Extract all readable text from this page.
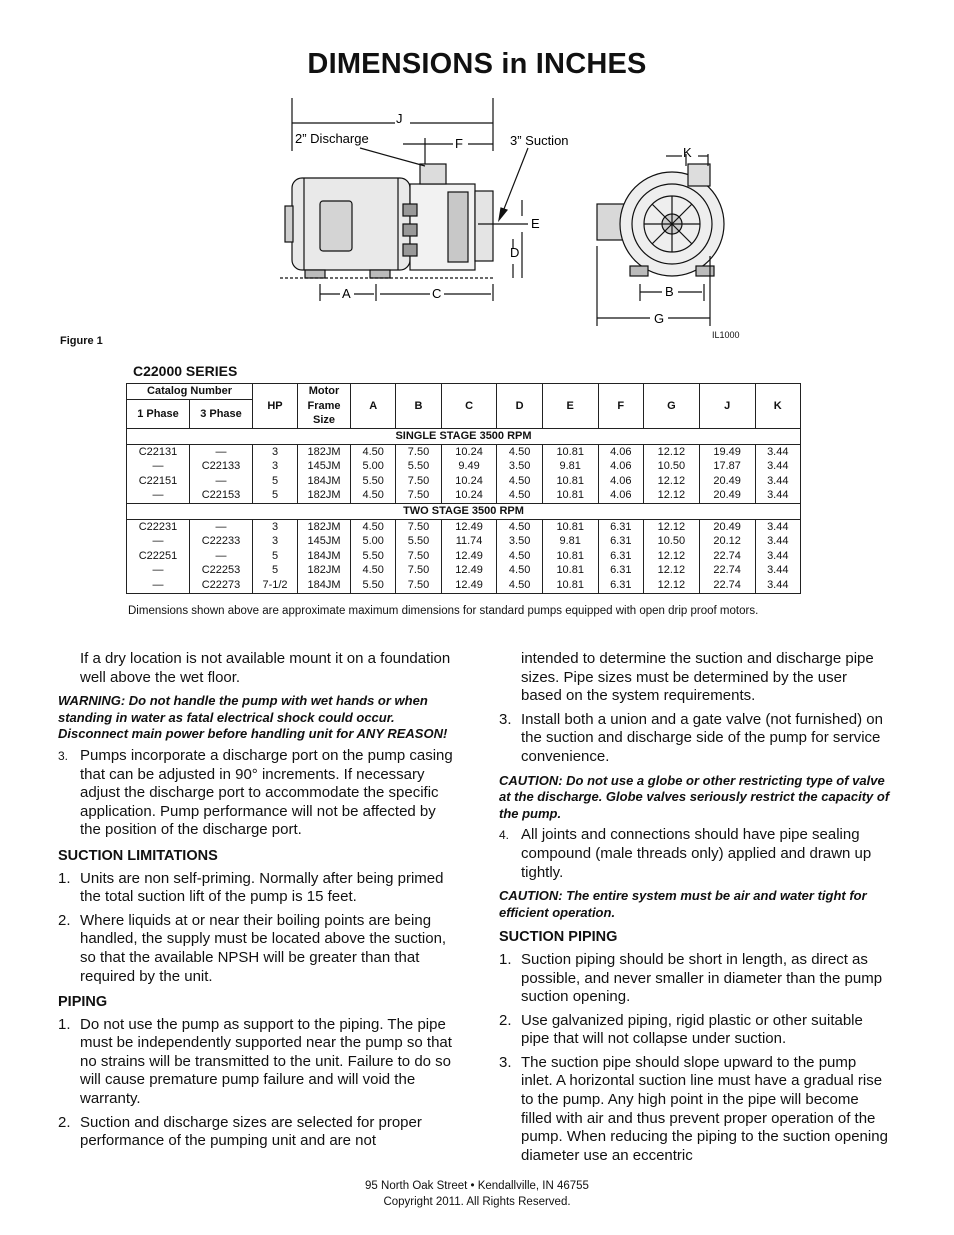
DIMENSIONS in INCHES
J
2” Discharge	F	3” Suction
K
E
D
A	C	B
G
Figure 1	IL1000
C22000 SERIES
Catalog Number		HP	Motor Frame Size	A	B	C	D	E	F	G	J	K
1 Phase	3 Phase											
SINGLE STAGE 3500 RPM												
C22131	—	3	182JM	4.50	7.50	10.24	4.50	10.81	4.06	12.12	19.49	3.44
—	C22133	3	145JM	5.00	5.50	9.49	3.50	9.81	4.06	10.50	17.87	3.44
C22151	—	5	184JM	5.50	7.50	10.24	4.50	10.81	4.06	12.12	20.49	3.44
—	C22153	5	182JM	4.50	7.50	10.24	4.50	10.81	4.06	12.12	20.49	3.44
TWO STAGE 3500 RPM												
C22231	—	3	182JM	4.50	7.50	12.49	4.50	10.81	6.31	12.12	20.49	3.44
—	C22233	3	145JM	5.00	5.50	11.74	3.50	9.81	6.31	10.50	20.12	3.44
C22251	—	5	184JM	5.50	7.50	12.49	4.50	10.81	6.31	12.12	22.74	3.44
—	C22253	5	182JM	4.50	7.50	12.49	4.50	10.81	6.31	12.12	22.74	3.44
—	C22273	7-1/2	184JM	5.50	7.50	12.49	4.50	10.81	6.31	12.12	22.74	3.44
Dimensions shown above are approximate maximum dimensions for standard pumps equipped with open drip proof motors.

If a dry location is not available mount it on a foundation well above the wet floor.

WARNING: Do not handle the pump with wet hands or when standing in water as fatal electrical shock could occur. Disconnect main power before handling unit for ANY REASON!

3. Pumps incorporate a discharge port on the pump casing that can be adjusted in 90° increments. If necessary adjust the discharge port to accommodate the specific application. Pump performance will not be affected by the position of the discharge port.
SUCTION LIMITATIONS
1. Units are non self-priming. Normally after being primed the total suction lift of the pump is 15 feet.
2. Where liquids at or near their boiling points are being handled, the supply must be located above the suction, so that the available NPSH will be greater than that required by the unit.
PIPING
1. Do not use the pump as support to the piping. The pipe must be independently supported near the pump so that no strains will be transmitted to the unit. Failure to do so will cause premature pump failure and will void the warranty.
2. Suction and discharge sizes are selected for proper performance of the pumping unit and are not

intended to determine the suction and discharge pipe sizes. Pipe sizes must be determined by the user based on the system requirements.

3. Install both a union and a gate valve (not furnished) on the suction and discharge side of the pump for service convenience.

CAUTION: Do not use a globe or other restricting type of valve at the discharge. Globe valves seriously restrict the capacity of the pump.

4. All joints and connections should have pipe sealing compound (male threads only) applied and drawn up tightly.

CAUTION: The entire system must be air and water tight for efficient operation.

SUCTION PIPING
1. Suction piping should be short in length, as direct as possible, and never smaller in diameter than the pump suction opening.
2. Use galvanized piping, rigid plastic or other suitable pipe that will not collapse under suction.
3. The suction pipe should slope upward to the pump inlet. A horizontal suction line must have a gradual rise to the pump. Any high point in the pipe will become filled with air and thus prevent proper operation of the pump. When reducing the piping to the suction opening diameter use an eccentric
95 North Oak Street • Kendallville, IN 46755
Copyright 2011. All Rights Reserved.
